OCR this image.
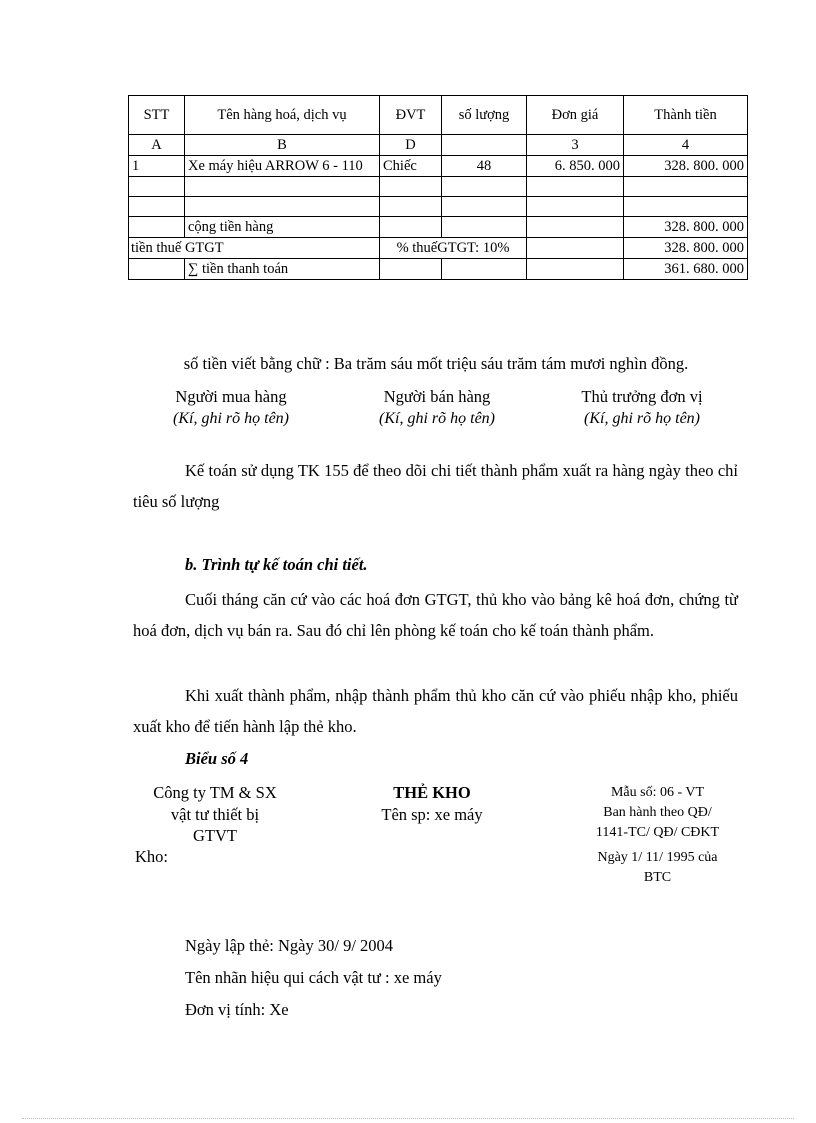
STT	Tên hàng hoá, dịch vụ	ĐVT	số lượng	Đơn giá	Thành tiền
A	B	D		3	4
1	Xe máy hiệu ARROW 6 - 110	Chiếc	48	6. 850. 000	328. 800. 000

	cộng tiền hàng				328. 800. 000
tiền thuế GTGT		% thuếGTGT: 10%			328. 800. 000
	∑ tiền thanh toán				361. 680. 000
số tiền viết bằng chữ : Ba trăm sáu mốt triệu sáu trăm tám mươi nghìn đồng.
Người mua hàng
(Kí, ghi rõ họ tên)
Người bán hàng
(Kí, ghi rõ họ tên)
Thủ trưởng đơn vị
(Kí, ghi rõ họ tên)
Kế toán sử dụng TK 155 để theo dõi chi tiết thành phẩm xuất ra hàng ngày theo chỉ tiêu số lượng
b. Trình tự kế toán chi tiết.
Cuối tháng căn cứ vào các hoá đơn GTGT, thủ kho vào bảng kê hoá đơn, chứng từ hoá đơn, dịch vụ bán ra. Sau đó chỉ lên phòng kế toán cho kế toán thành phẩm.
Khi xuất thành phẩm, nhập thành phẩm thủ kho căn cứ vào phiếu nhập kho, phiếu xuất kho để tiến hành lập thẻ kho.
Biểu số 4
Công ty TM & SX
vật tư thiết bị
GTVT
Kho:
THẺ KHO
Tên sp: xe máy
Mẫu số: 06 - VT
Ban hành theo QĐ/
1141-TC/ QĐ/ CĐKT
Ngày 1/ 11/ 1995 của
BTC
Ngày lập thẻ: Ngày 30/ 9/ 2004
Tên nhãn hiệu qui cách vật tư : xe máy
Đơn vị tính: Xe
